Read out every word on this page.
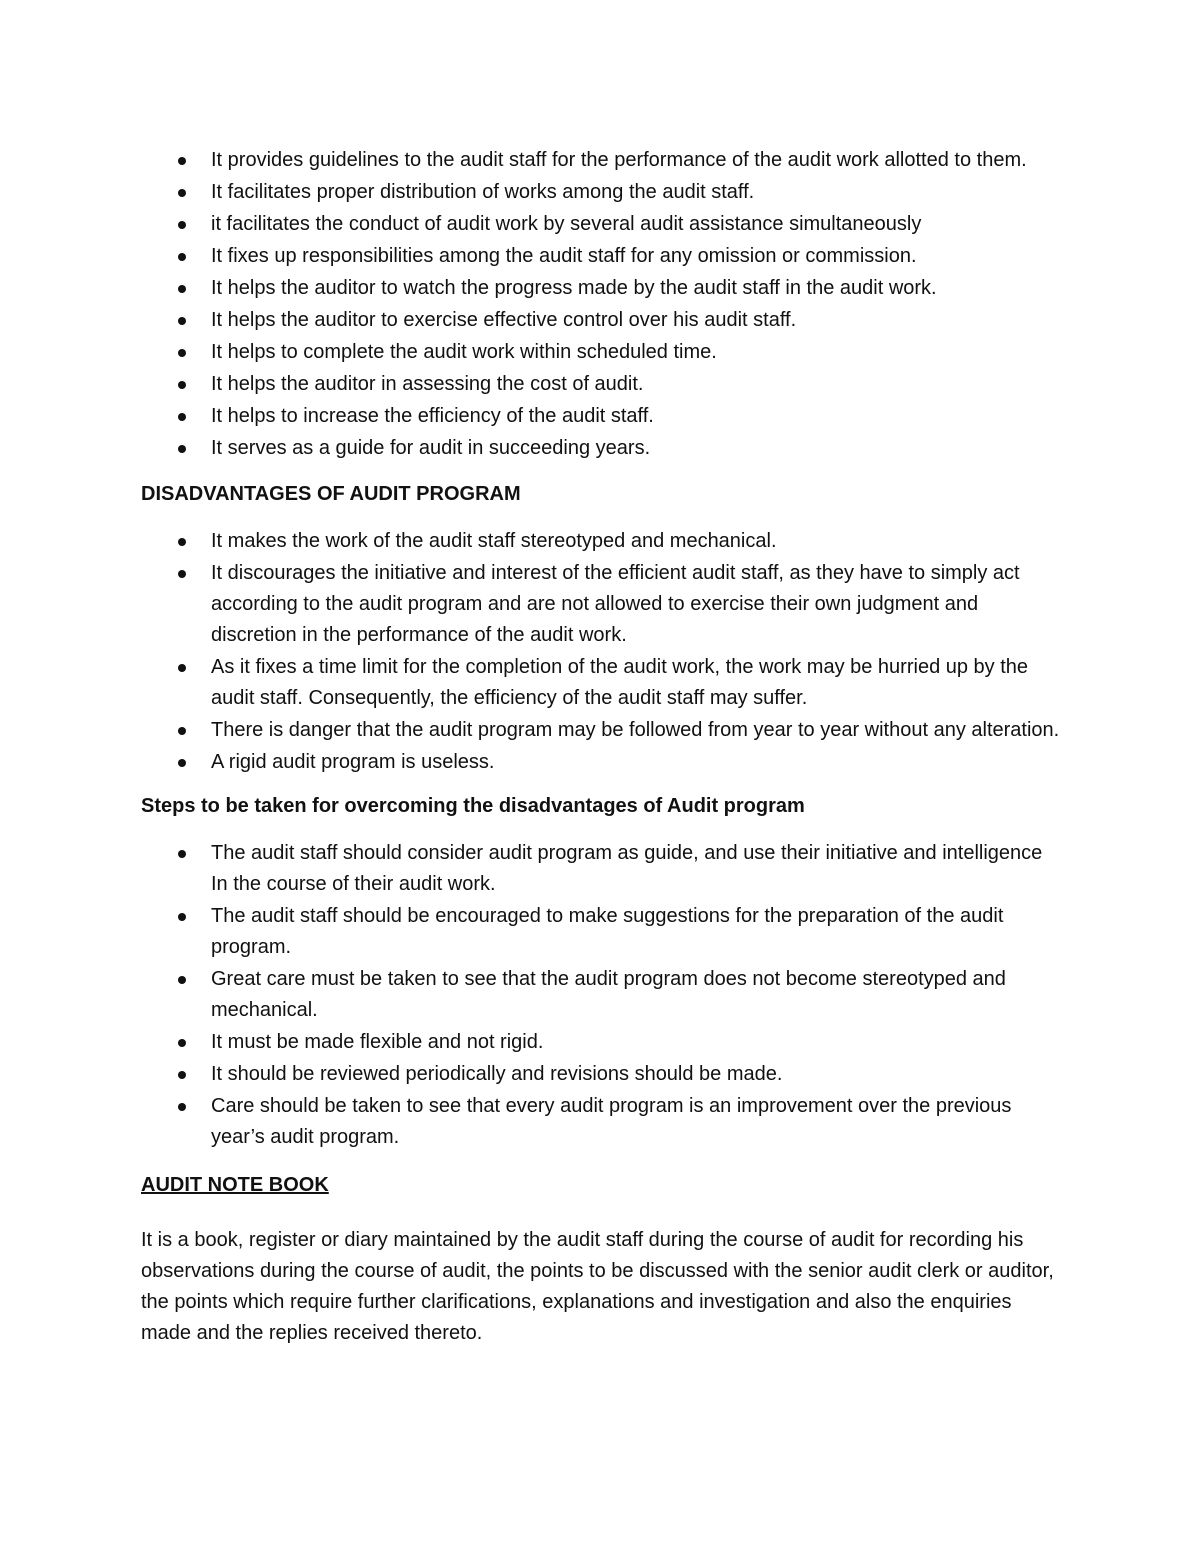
It provides guidelines to the audit staff for the performance of the audit work allotted to them.
It facilitates proper distribution of works among the audit staff.
it facilitates the conduct of audit work by several audit assistance simultaneously
It fixes up responsibilities among the audit staff for any omission or commission.
It helps the auditor to watch the progress made by the audit staff in the audit work.
It helps the auditor to exercise effective control over his audit staff.
It helps to complete the audit work within scheduled time.
It helps the auditor in assessing the cost of audit.
It helps to increase the efficiency of the audit staff.
It serves as a guide for audit in succeeding years.
DISADVANTAGES OF AUDIT PROGRAM
It makes the work of the audit staff stereotyped and mechanical.
It discourages the initiative and interest of the efficient audit staff, as they have to simply act according to the audit program and are not allowed to exercise their own judgment and discretion in the performance of the audit work.
As it fixes a time limit for the completion of the audit work, the work may be hurried up by the audit staff. Consequently, the efficiency of the audit staff may suffer.
There is danger that the audit program may be followed from year to year without any alteration.
A rigid audit program is useless.
Steps to be taken for overcoming the disadvantages of Audit program
The audit staff should consider audit program as guide, and use their initiative and intelligence In the course of their audit work.
The audit staff should be encouraged to make suggestions for the preparation of the audit program.
Great care must be taken to see that the audit program does not become stereotyped and mechanical.
It must be made flexible and not rigid.
It should be reviewed periodically and revisions should be made.
Care should be taken to see that every audit program is an improvement over the previous year’s audit program.
AUDIT NOTE BOOK

It is a book, register or diary maintained by the audit staff during the course of audit for recording his observations during the course of audit, the points to be discussed with the senior audit clerk or auditor, the points which require further clarifications, explanations and investigation and also the enquiries made and the replies received thereto.
